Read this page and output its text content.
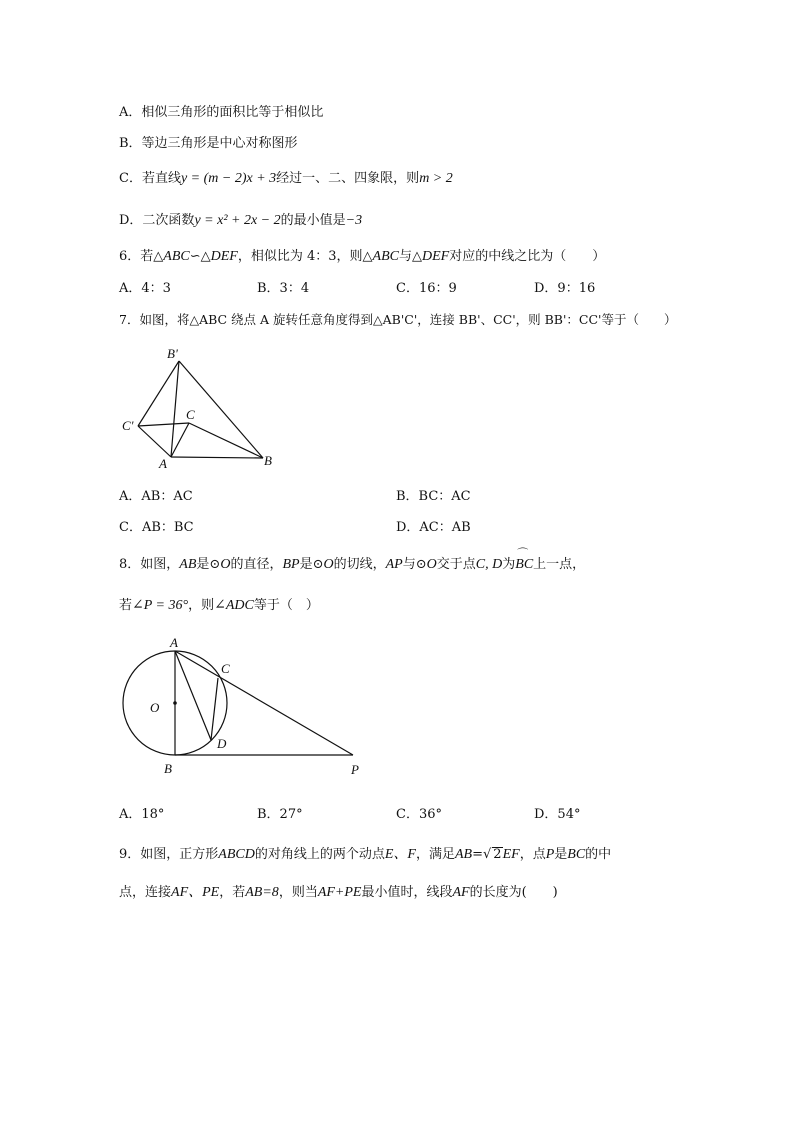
A．相似三角形的面积比等于相似比
B．等边三角形是中心对称图形
C．若直线y = (m − 2)x + 3经过一、二、四象限，则m > 2
D．二次函数y = x² + 2x − 2的最小值是−3
6．若△ABC∽△DEF，相似比为 4：3，则△ABC与△DEF对应的中线之比为（　　）
A．4：3	B．3：4	C．16：9	D．9：16
7．如图，将△ABC 绕点 A 旋转任意角度得到△AB'C'，连接 BB'、CC'，则 BB'：CC'等于（　　）
B'
C
C'
A	B
A．AB：AC	B．BC：AC
C．AB：BC	D．AC：AB
8．如图，AB是⊙O的直径，BP是⊙O的切线，AP与⊙O交于点C, D为⌒ BC上一点，
若∠P = 36°，则∠ADC等于（　）
A
C
O
D
B	P
A．18°	B．27°	C．36°	D．54°
9．如图，正方形ABCD的对角线上的两个动点E、F，满足AB=√ 2EF，点P是BC的中
点，连接AF、PE，若AB=8，则当AF+PE最小值时，线段AF的长度为(　　)
